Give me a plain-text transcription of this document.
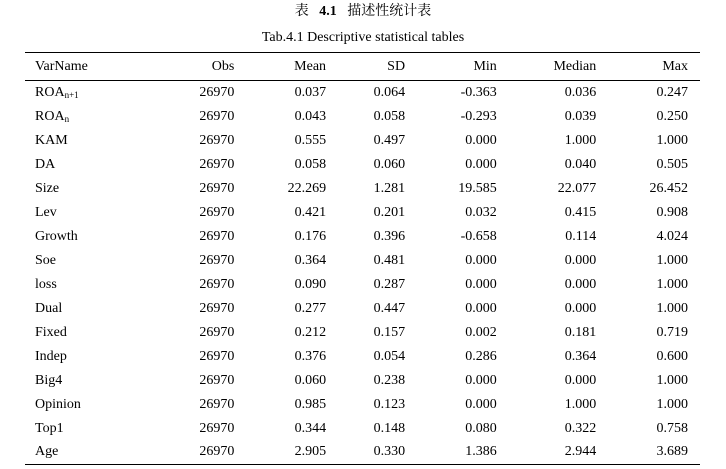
表 4.1 描述性统计表
Tab.4.1 Descriptive statistical tables
VarName	Obs	Mean	SD	Min	Median	Max
$ROA_{n+1}$	26970	0.037	0.064	-0.363	0.036	0.247
$ROA_n$	26970	0.043	0.058	-0.293	0.039	0.250
KAM	26970	0.555	0.497	0.000	1.000	1.000
DA	26970	0.058	0.060	0.000	0.040	0.505
Size	26970	22.269	1.281	19.585	22.077	26.452
Lev	26970	0.421	0.201	0.032	0.415	0.908
Growth	26970	0.176	0.396	-0.658	0.114	4.024
Soe	26970	0.364	0.481	0.000	0.000	1.000
loss	26970	0.090	0.287	0.000	0.000	1.000
Dual	26970	0.277	0.447	0.000	0.000	1.000
Fixed	26970	0.212	0.157	0.002	0.181	0.719
Indep	26970	0.376	0.054	0.286	0.364	0.600
Big4	26970	0.060	0.238	0.000	0.000	1.000
Opinion	26970	0.985	0.123	0.000	1.000	1.000
Top1	26970	0.344	0.148	0.080	0.322	0.758
Age	26970	2.905	0.330	1.386	2.944	3.689
